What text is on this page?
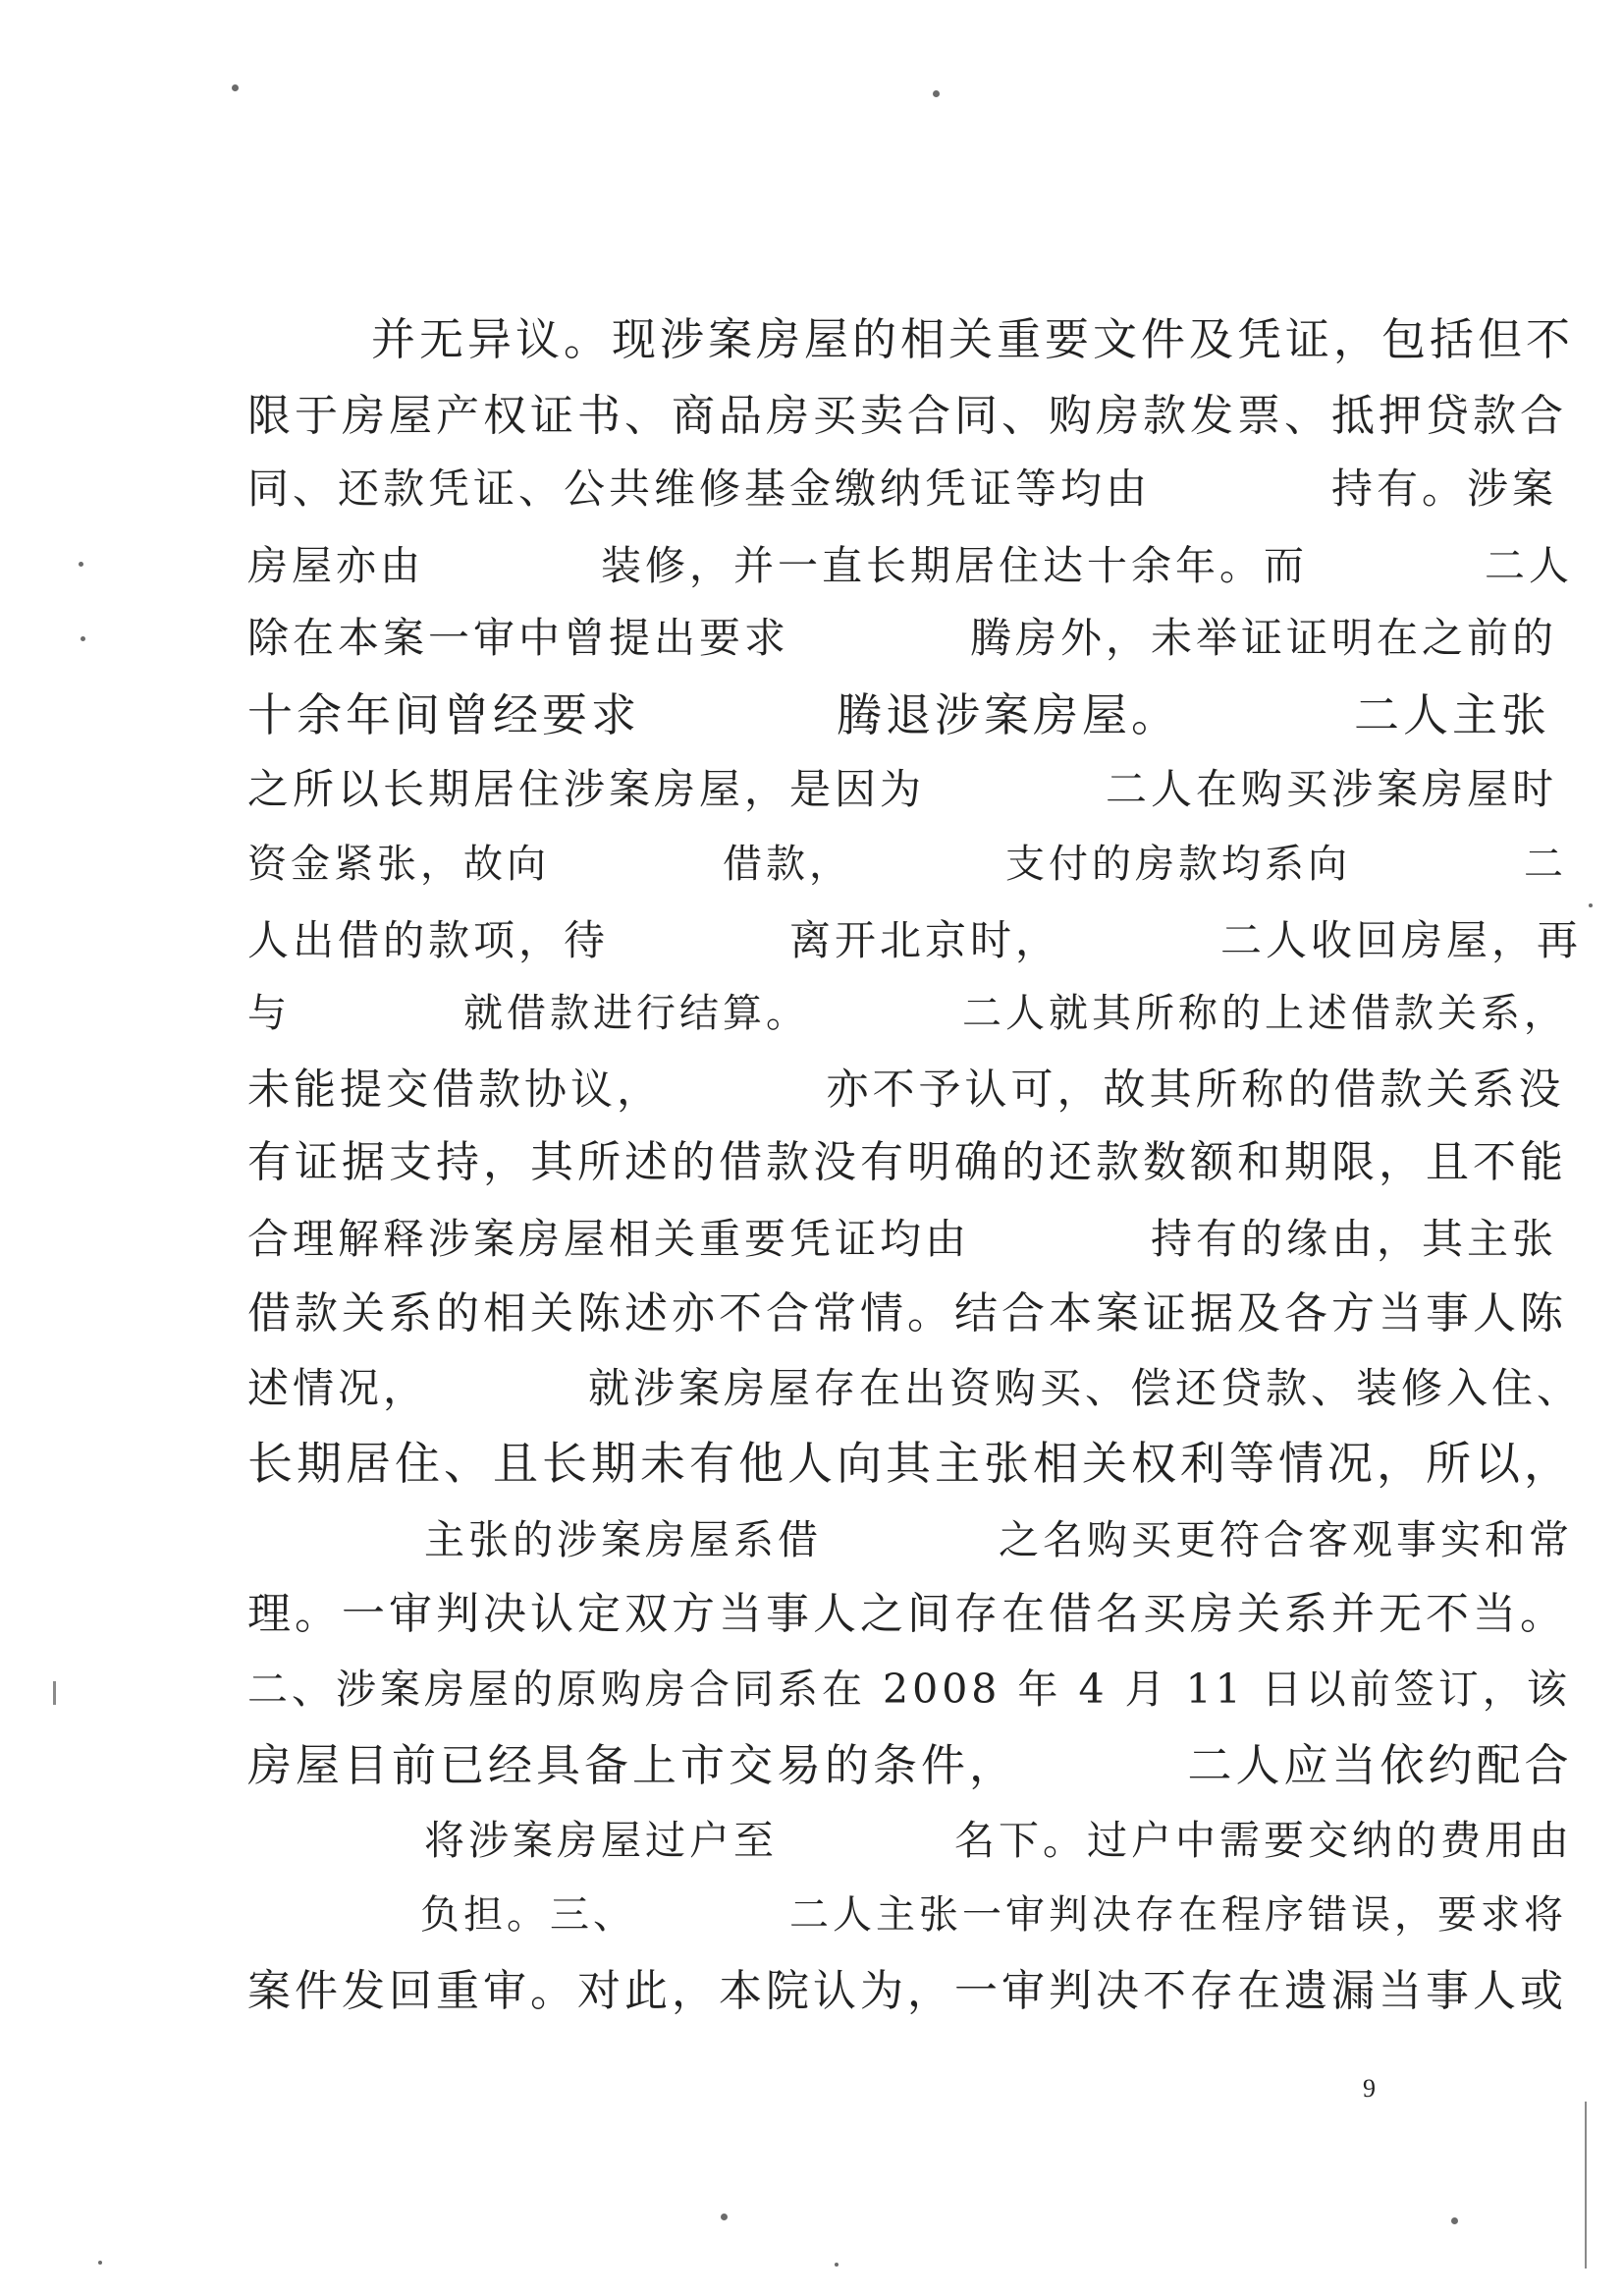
并无异议。现涉案房屋的相关重要文件及凭证，包括但不
限于房屋产权证书、商品房买卖合同、购房款发票、抵押贷款合
同、还款凭证、公共维修基金缴纳凭证等均由　　　　持有。涉案
房屋亦由　　　　装修，并一直长期居住达十余年。而　　　　二人
除在本案一审中曾提出要求　　　　腾房外，未举证证明在之前的
十余年间曾经要求　　　　腾退涉案房屋。　　　　二人主张
之所以长期居住涉案房屋，是因为　　　　二人在购买涉案房屋时
资金紧张，故向　　　　借款，　　　　支付的房款均系向　　　　二
人出借的款项，待　　　　离开北京时，　　　　二人收回房屋，再
与　　　　就借款进行结算。　　　　二人就其所称的上述借款关系，
未能提交借款协议，　　　　亦不予认可，故其所称的借款关系没
有证据支持，其所述的借款没有明确的还款数额和期限，且不能
合理解释涉案房屋相关重要凭证均由　　　　持有的缘由，其主张
借款关系的相关陈述亦不合常情。结合本案证据及各方当事人陈
述情况，　　　　就涉案房屋存在出资购买、偿还贷款、装修入住、
长期居住、且长期未有他人向其主张相关权利等情况，所以，
　　　　主张的涉案房屋系借　　　　之名购买更符合客观事实和常
理。一审判决认定双方当事人之间存在借名买房关系并无不当。
二、涉案房屋的原购房合同系在 2008 年 4 月 11 日以前签订，该
房屋目前已经具备上市交易的条件，　　　　二人应当依约配合
　　　　将涉案房屋过户至　　　　名下。过户中需要交纳的费用由
　　　　负担。三、　　　　二人主张一审判决存在程序错误，要求将
案件发回重审。对此，本院认为，一审判决不存在遗漏当事人或
9
